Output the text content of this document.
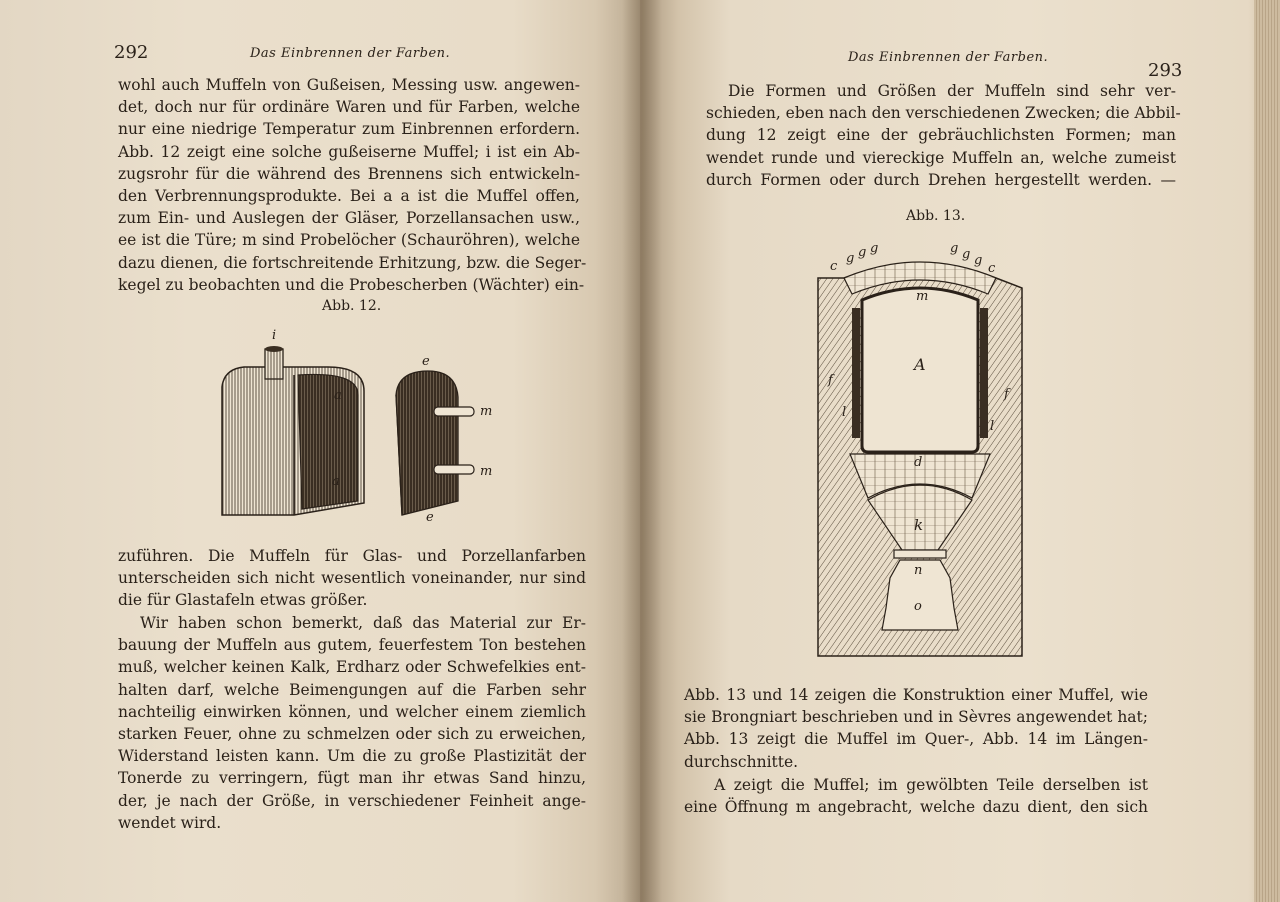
292	Das Einbrennen der Farben.
wohl auch Muffeln von Gußeisen, Messing usw. angewen-
det, doch nur für ordinäre Waren und für Farben, welche
nur eine niedrige Temperatur zum Einbrennen erfordern.
Abb. 12 zeigt eine solche gußeiserne Muffel; i ist ein Ab-
zugsrohr für die während des Brennens sich entwickeln-
den Verbrennungsprodukte. Bei a a ist die Muffel offen,
zum Ein- und Auslegen der Gläser, Porzellansachen usw.,
ee ist die Türe; m sind Probelöcher (Schauröhren), welche
dazu dienen, die fortschreitende Erhitzung, bzw. die Seger-
kegel zu beobachten und die Probescherben (Wächter) ein-
Abb. 12.
i
a
a
e
m
m
e
zuführen. Die Muffeln für Glas- und Porzellanfarben
unterscheiden sich nicht wesentlich voneinander, nur sind
die für Glastafeln etwas größer.
Wir haben schon bemerkt, daß das Material zur Er-
bauung der Muffeln aus gutem, feuerfestem Ton bestehen
muß, welcher keinen Kalk, Erdharz oder Schwefelkies ent-
halten darf, welche Beimengungen auf die Farben sehr
nachteilig einwirken können, und welcher einem ziemlich
starken Feuer, ohne zu schmelzen oder sich zu erweichen,
Widerstand leisten kann. Um die zu große Plastizität der
Tonerde zu verringern, fügt man ihr etwas Sand hinzu,
der, je nach der Größe, in verschiedener Feinheit ange-
wendet wird.
Das Einbrennen der Farben.
293
Die Formen und Größen der Muffeln sind sehr ver-
schieden, eben nach den verschiedenen Zwecken; die Abbil-
dung 12 zeigt eine der gebräuchlichsten Formen; man
wendet runde und viereckige Muffeln an, welche zumeist
durch Formen oder durch Drehen hergestellt werden. —
Abb. 13.
c
g g g	g g g
c
m
A
f
f
l
l
d
k
n
o
Abb. 13 und 14 zeigen die Konstruktion einer Muffel, wie
sie Brongniart beschrieben und in Sèvres angewendet hat;
Abb. 13 zeigt die Muffel im Quer-, Abb. 14 im Längen-
durchschnitte.
A zeigt die Muffel; im gewölbten Teile derselben ist
eine Öffnung m angebracht, welche dazu dient, den sich
